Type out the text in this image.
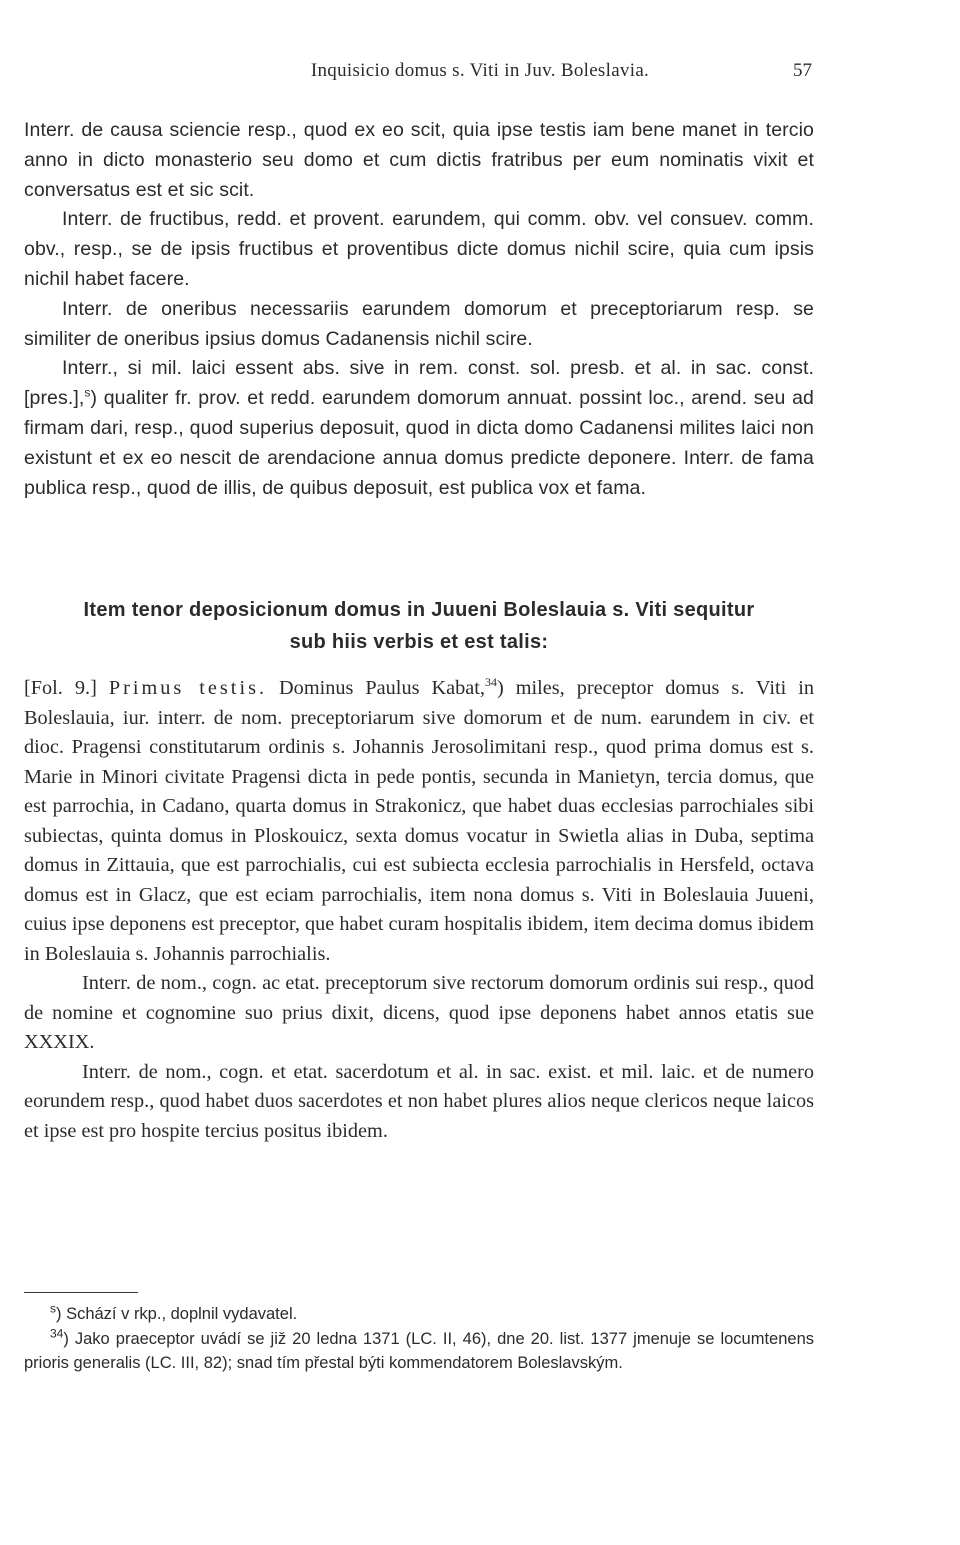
Inquisicio domus s. Viti in Juv. Boleslavia.	57

Interr. de causa sciencie resp., quod ex eo scit, quia ipse testis iam bene manet in tercio anno in dicto monasterio seu domo et cum dictis fratribus per eum nominatis vixit et conversatus est et sic scit.

Interr. de fructibus, redd. et provent. earundem, qui comm. obv. vel consuev. comm. obv., resp., se de ipsis fructibus et proventibus dicte domus nichil scire, quia cum ipsis nichil habet facere.

Interr. de oneribus necessariis earundem domorum et preceptoriarum resp. se similiter de oneribus ipsius domus Cadanensis nichil scire.

Interr., si mil. laici essent abs. sive in rem. const. sol. presb. et al. in sac. const. [pres.],$^s$) qualiter fr. prov. et redd. earundem domorum annuat. possint loc., arend. seu ad firmam dari, resp., quod superius deposuit, quod in dicta domo Cadanensi milites laici non existunt et ex eo nescit de arendacione annua domus predicte deponere. Interr. de fama publica resp., quod de illis, de quibus deposuit, est publica vox et fama.

Item tenor deposicionum domus in Juueni Boleslauia s. Viti sequitur
sub hiis verbis et est talis:

[Fol. 9.] Primus testis. Dominus Paulus Kabat,$^{34}$) miles, preceptor domus s. Viti in Boleslauia, iur. interr. de nom. preceptoriarum sive domorum et de num. earundem in civ. et dioc. Pragensi constitutarum ordinis s. Johannis Jerosolimitani resp., quod prima domus est s. Marie in Minori civitate Pragensi dicta in pede pontis, secunda in Manietyn, tercia domus, que est parrochia, in Cadano, quarta domus in Strakonicz, que habet duas ecclesias parrochiales sibi subiectas, quinta domus in Ploskouicz, sexta domus vocatur in Swietla alias in Duba, septima domus in Zittauia, que est parrochialis, cui est subiecta ecclesia parrochialis in Hersfeld, octava domus est in Glacz, que est eciam parrochialis, item nona domus s. Viti in Boleslauia Juueni, cuius ipse deponens est preceptor, que habet curam hospitalis ibidem, item decima domus ibidem in Boleslauia s. Johannis parrochialis.

Interr. de nom., cogn. ac etat. preceptorum sive rectorum domorum ordinis sui resp., quod de nomine et cognomine suo prius dixit, dicens, quod ipse deponens habet annos etatis sue XXXIX.

Interr. de nom., cogn. et etat. sacerdotum et al. in sac. exist. et mil. laic. et de numero eorundem resp., quod habet duos sacerdotes et non habet plures alios neque clericos neque laicos et ipse est pro hospite tercius positus ibidem.

$^s$) Schází v rkp., doplnil vydavatel.

$^{34}$) Jako praeceptor uvádí se již 20 ledna 1371 (LC. II, 46), dne 20. list. 1377 jmenuje se locumtenens prioris generalis (LC. III, 82); snad tím přestal býti kommendatorem Boleslavským.
